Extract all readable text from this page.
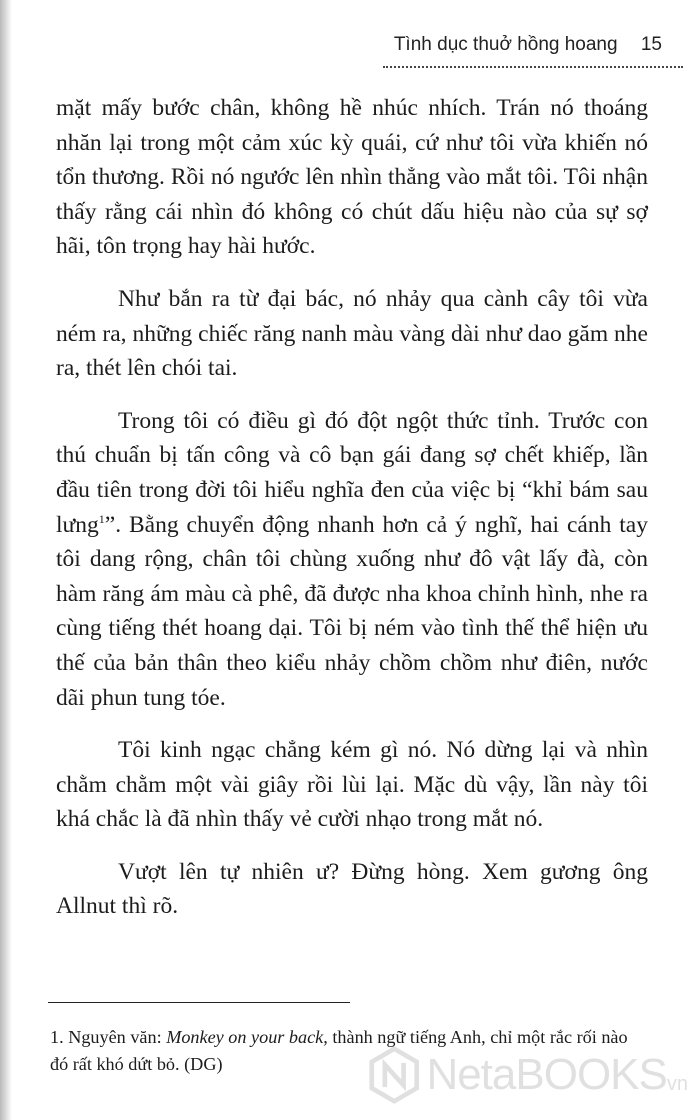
Tình dục thuở hồng hoang 15

mặt mấy bước chân, không hề nhúc nhích. Trán nó thoáng nhăn lại trong một cảm xúc kỳ quái, cứ như tôi vừa khiến nó tổn thương. Rồi nó ngước lên nhìn thẳng vào mắt tôi. Tôi nhận thấy rằng cái nhìn đó không có chút dấu hiệu nào của sự sợ hãi, tôn trọng hay hài hước.

Như bắn ra từ đại bác, nó nhảy qua cành cây tôi vừa ném ra, những chiếc răng nanh màu vàng dài như dao găm nhe ra, thét lên chói tai.

Trong tôi có điều gì đó đột ngột thức tỉnh. Trước con thú chuẩn bị tấn công và cô bạn gái đang sợ chết khiếp, lần đầu tiên trong đời tôi hiểu nghĩa đen của việc bị “khỉ bám sau lưng$^1$”. Bằng chuyển động nhanh hơn cả ý nghĩ, hai cánh tay tôi dang rộng, chân tôi chùng xuống như đô vật lấy đà, còn hàm răng ám màu cà phê, đã được nha khoa chỉnh hình, nhe ra cùng tiếng thét hoang dại. Tôi bị ném vào tình thế thể hiện ưu thế của bản thân theo kiểu nhảy chồm chồm như điên, nước dãi phun tung tóe.

Tôi kinh ngạc chẳng kém gì nó. Nó dừng lại và nhìn chằm chằm một vài giây rồi lùi lại. Mặc dù vậy, lần này tôi khá chắc là đã nhìn thấy vẻ cười nhạo trong mắt nó.

Vượt lên tự nhiên ư? Đừng hòng. Xem gương ông Allnut thì rõ.

1. Nguyên văn: Monkey on your back, thành ngữ tiếng Anh, chỉ một rắc rối nào đó rất khó dứt bỏ. (DG)	NetaBOOKS vn
